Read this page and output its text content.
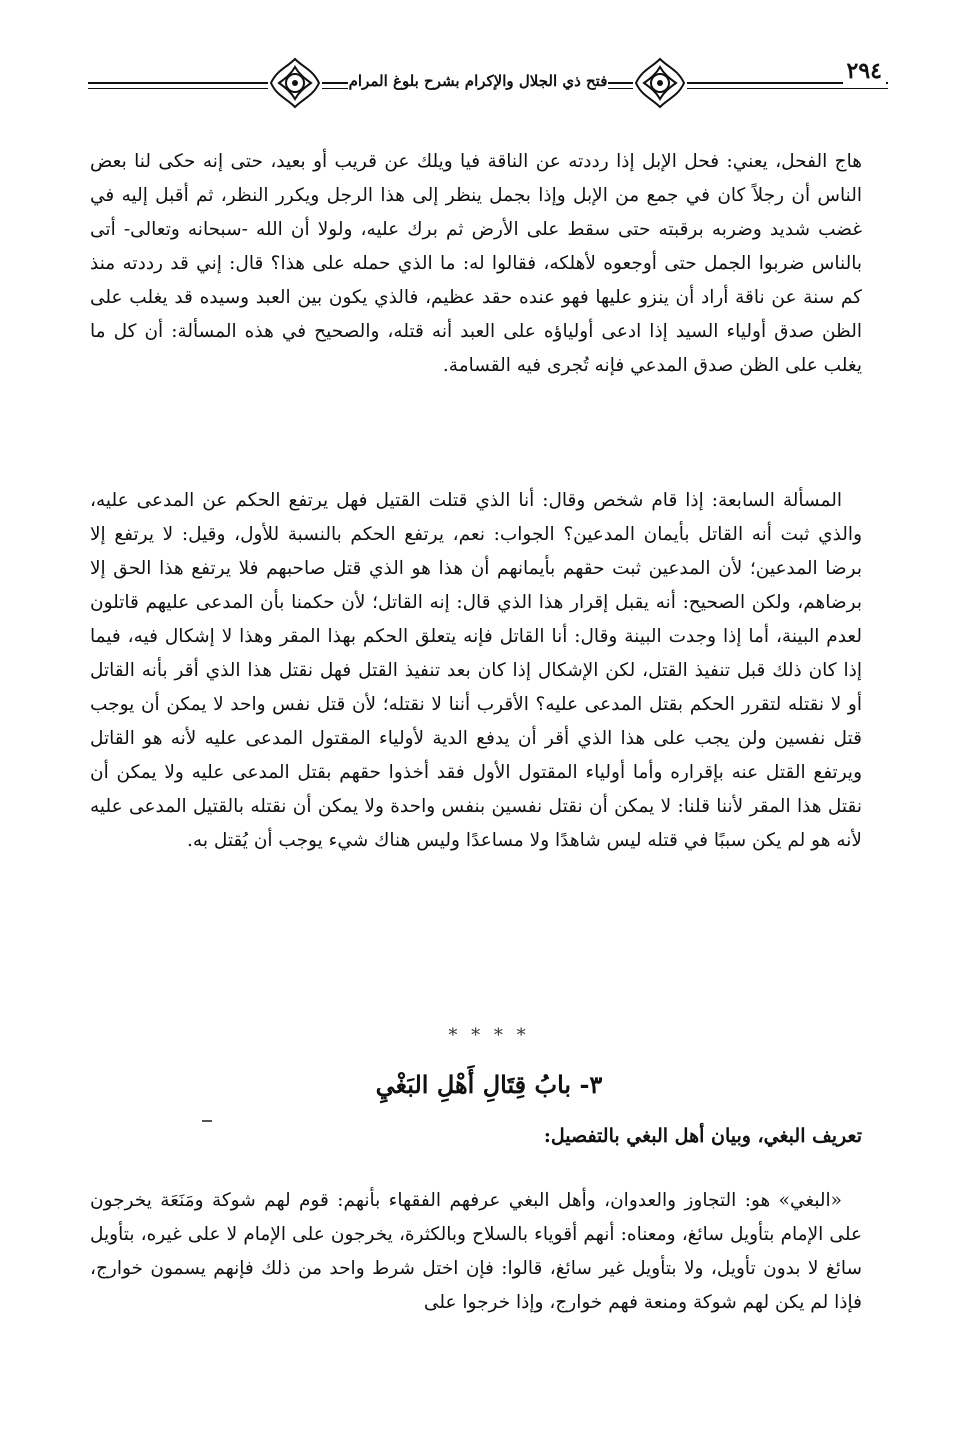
فتح ذي الجلال والإكرام بشرح بلوغ المرام	٢٩٤

هاج الفحل، يعني: فحل الإبل إذا رددته عن الناقة فيا ويلك عن قريب أو بعيد، حتى إنه حكى لنا بعض الناس أن رجلاً كان في جمع من الإبل وإذا بجمل ينظر إلى هذا الرجل ويكرر النظر، ثم أقبل إليه في غضب شديد وضربه برقبته حتى سقط على الأرض ثم برك عليه، ولولا أن الله -سبحانه وتعالى- أتى بالناس ضربوا الجمل حتى أوجعوه لأهلكه، فقالوا له: ما الذي حمله على هذا؟ قال: إني قد رددته منذ كم سنة عن ناقة أراد أن ينزو عليها فهو عنده حقد عظيم، فالذي يكون بين العبد وسيده قد يغلب على الظن صدق أولياء السيد إذا ادعى أولياؤه على العبد أنه قتله، والصحيح في هذه المسألة: أن كل ما يغلب على الظن صدق المدعي فإنه تُجرى فيه القسامة.

المسألة السابعة: إذا قام شخص وقال: أنا الذي قتلت القتيل فهل يرتفع الحكم عن المدعى عليه، والذي ثبت أنه القاتل بأيمان المدعين؟ الجواب: نعم، يرتفع الحكم بالنسبة للأول، وقيل: لا يرتفع إلا برضا المدعين؛ لأن المدعين ثبت حقهم بأيمانهم أن هذا هو الذي قتل صاحبهم فلا يرتفع هذا الحق إلا برضاهم، ولكن الصحيح: أنه يقبل إقرار هذا الذي قال: إنه القاتل؛ لأن حكمنا بأن المدعى عليهم قاتلون لعدم البينة، أما إذا وجدت البينة وقال: أنا القاتل فإنه يتعلق الحكم بهذا المقر وهذا لا إشكال فيه، فيما إذا كان ذلك قبل تنفيذ القتل، لكن الإشكال إذا كان بعد تنفيذ القتل فهل نقتل هذا الذي أقر بأنه القاتل أو لا نقتله لتقرر الحكم بقتل المدعى عليه؟ الأقرب أننا لا نقتله؛ لأن قتل نفس واحد لا يمكن أن يوجب قتل نفسين ولن يجب على هذا الذي أقر أن يدفع الدية لأولياء المقتول المدعى عليه لأنه هو القاتل ويرتفع القتل عنه بإقراره وأما أولياء المقتول الأول فقد أخذوا حقهم بقتل المدعى عليه ولا يمكن أن نقتل هذا المقر لأننا قلنا: لا يمكن أن نقتل نفسين بنفس واحدة ولا يمكن أن نقتله بالقتيل المدعى عليه لأنه هو لم يكن سببًا في قتله ليس شاهدًا ولا مساعدًا وليس هناك شيء يوجب أن يُقتل به.

* * * *
٣- بابُ قِتَالِ أَهْلِ البَغْيِ
تعريف البغي، وبيان أهل البغي بالتفصيل:

«البغي» هو: التجاوز والعدوان، وأهل البغي عرفهم الفقهاء بأنهم: قوم لهم شوكة ومَنَعَة يخرجون على الإمام بتأويل سائغ، ومعناه: أنهم أقوياء بالسلاح وبالكثرة، يخرجون على الإمام لا على غيره، بتأويل سائغ لا بدون تأويل، ولا بتأويل غير سائغ، قالوا: فإن اختل شرط واحد من ذلك فإنهم يسمون خوارج، فإذا لم يكن لهم شوكة ومنعة فهم خوارج، وإذا خرجوا على
